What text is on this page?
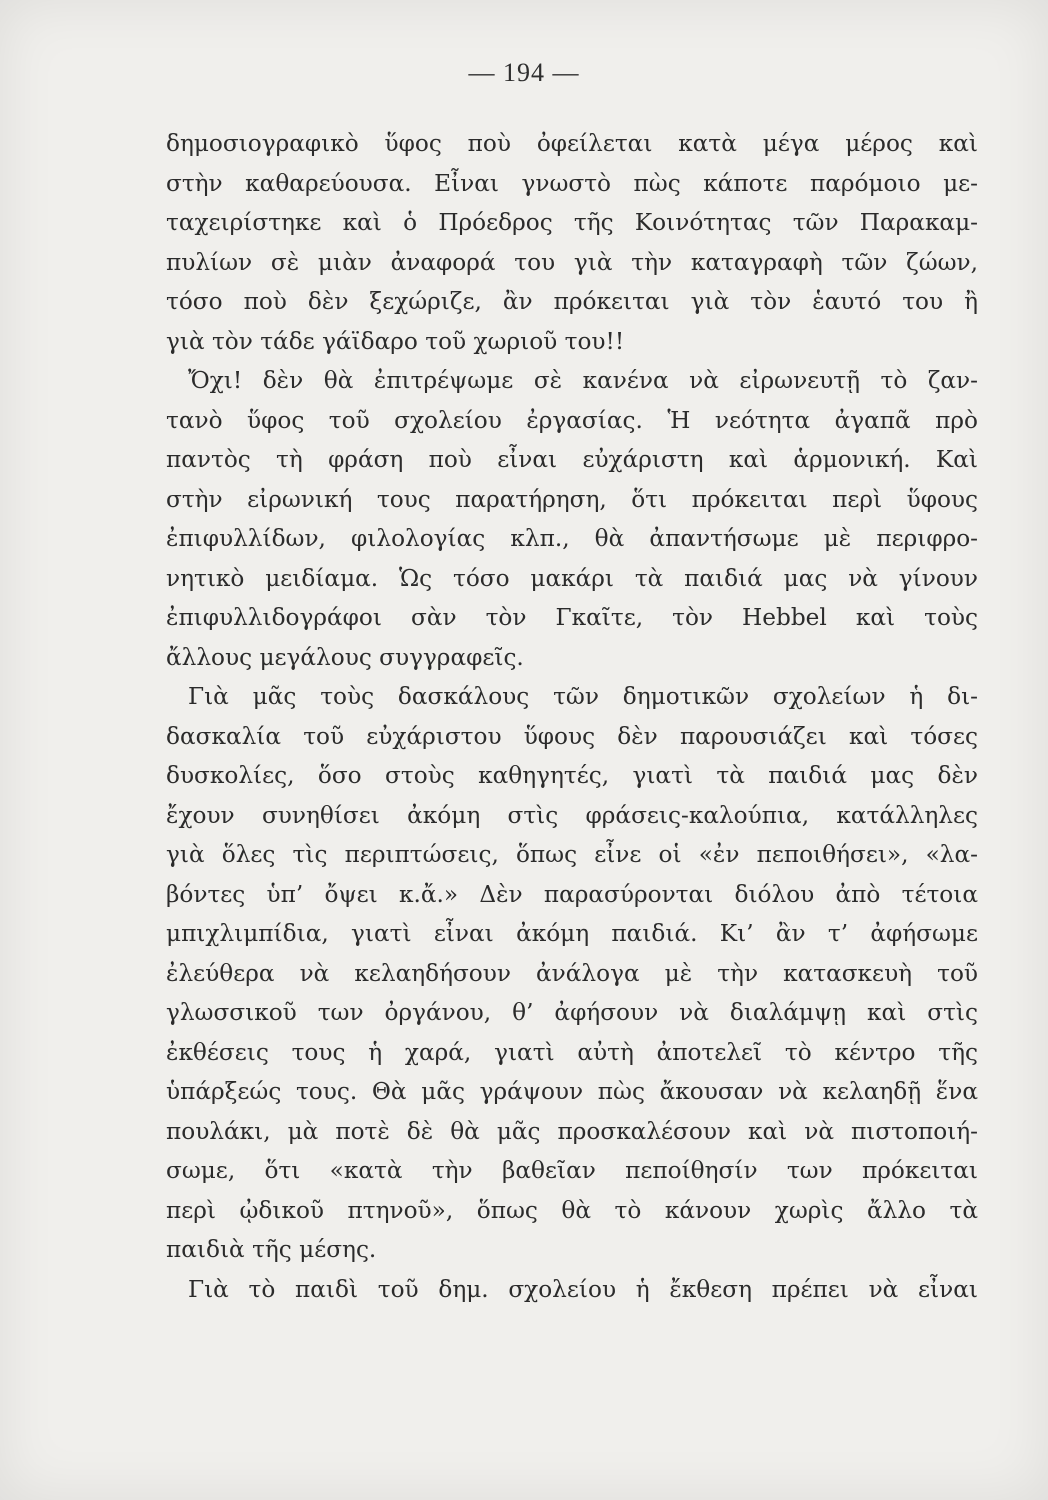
— 194 —
δημοσιογραφικὸ ὕφος ποὺ ὀφείλεται κατὰ μέγα μέρος καὶ
στὴν καθαρεύουσα. Εἶναι γνωστὸ πὼς κάποτε παρόμοιο με-
ταχειρίστηκε καὶ ὁ Πρόεδρος τῆς Κοινότητας τῶν Παρακαμ-
πυλίων σὲ μιὰν ἀναφορά του γιὰ τὴν καταγραφὴ τῶν ζώων,
τόσο ποὺ δὲν ξεχώριζε, ἂν πρόκειται γιὰ τὸν ἑαυτό του ἢ
γιὰ τὸν τάδε γάϊδαρο τοῦ χωριοῦ του!!
Ὄχι! δὲν θὰ ἐπιτρέψωμε σὲ κανένα νὰ εἰρωνευτῇ τὸ ζαν-
τανὸ ὕφος τοῦ σχολείου ἐργασίας. Ἡ νεότητα ἀγαπᾶ πρὸ
παντὸς τὴ φράση ποὺ εἶναι εὐχάριστη καὶ ἁρμονική. Καὶ
στὴν εἰρωνική τους παρατήρηση, ὅτι πρόκειται περὶ ὕφους
ἐπιφυλλίδων, φιλολογίας κλπ., θὰ ἀπαντήσωμε μὲ περιφρο-
νητικὸ μειδίαμα. Ὡς τόσο μακάρι τὰ παιδιά μας νὰ γίνουν
ἐπιφυλλιδογράφοι σὰν τὸν Γκαῖτε, τὸν Hebbel καὶ τοὺς
ἄλλους μεγάλους συγγραφεῖς.
Γιὰ μᾶς τοὺς δασκάλους τῶν δημοτικῶν σχολείων ἡ δι-
δασκαλία τοῦ εὐχάριστου ὕφους δὲν παρουσιάζει καὶ τόσες
δυσκολίες, ὅσο στοὺς καθηγητές, γιατὶ τὰ παιδιά μας δὲν
ἔχουν συνηθίσει ἀκόμη στὶς φράσεις-καλούπια, κατάλληλες
γιὰ ὅλες τὶς περιπτώσεις, ὅπως εἶνε οἱ «ἐν πεποιθήσει», «λα-
βόντες ὑπ’ ὄψει κ.ἄ.» Δὲν παρασύρονται διόλου ἀπὸ τέτοια
μπιχλιμπίδια, γιατὶ εἶναι ἀκόμη παιδιά. Κι’ ἂν τ’ ἀφήσωμε
ἐλεύθερα νὰ κελαηδήσουν ἀνάλογα μὲ τὴν κατασκευὴ τοῦ
γλωσσικοῦ των ὀργάνου, θ’ ἀφήσουν νὰ διαλάμψῃ καὶ στὶς
ἐκθέσεις τους ἡ χαρά, γιατὶ αὐτὴ ἀποτελεῖ τὸ κέντρο τῆς
ὑπάρξεώς τους. Θὰ μᾶς γράψουν πὼς ἄκουσαν νὰ κελαηδῇ ἕνα
πουλάκι, μὰ ποτὲ δὲ θὰ μᾶς προσκαλέσουν καὶ νὰ πιστοποιή-
σωμε, ὅτι «κατὰ τὴν βαθεῖαν πεποίθησίν των πρόκειται
περὶ ᾠδικοῦ πτηνοῦ», ὅπως θὰ τὸ κάνουν χωρὶς ἄλλο τὰ
παιδιὰ τῆς μέσης.
Γιὰ τὸ παιδὶ τοῦ δημ. σχολείου ἡ ἔκθεση πρέπει νὰ εἶναι
